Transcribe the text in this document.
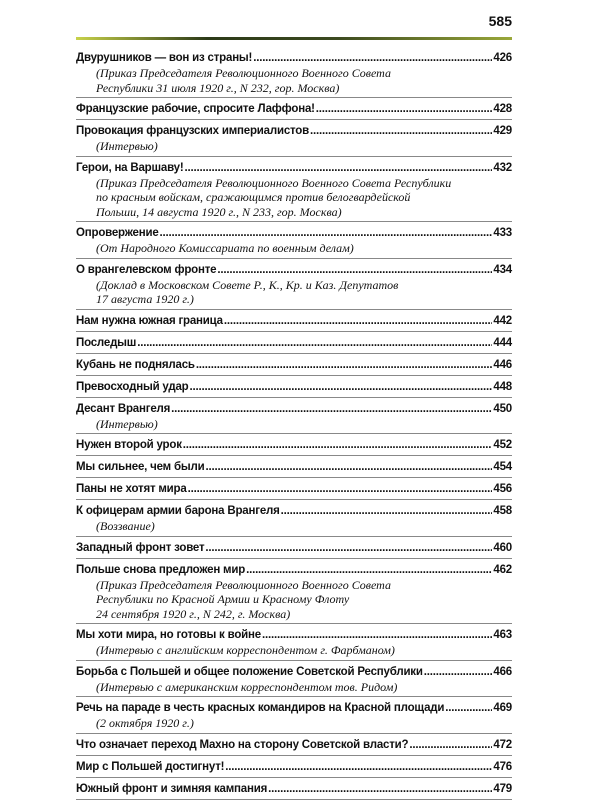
585
Двурушников — вон из страны! .....	426
(Приказ Председателя Революционного Военного Совета
Республики 31 июля 1920 г., N 232, гор. Москва)
Французские рабочие, спросите Лаффона! .....	428
Провокация французских империалистов .....	429
(Интервью)
Герои, на Варшаву! .....	432
(Приказ Председателя Революционного Военного Совета Республики
по красным войскам, сражающимся против белогвардейской
Польши, 14 августа 1920 г., N 233, гор. Москва)
Опровержение .....	433
(От Народного Комиссариата по военным делам)
О врангелевском фронте .....	434
(Доклад в Московском Совете Р., К., Кр. и Каз. Депутатов
17 августа 1920 г.)
Нам нужна южная граница .....	442
Последыш .....	444
Кубань не поднялась .....	446
Превосходный удар .....	448
Десант Врангеля .....	450
(Интервью)
Нужен второй урок .....	452
Мы сильнее, чем были .....	454
Паны не хотят мира .....	456
К офицерам армии барона Врангеля .....	458
(Воззвание)
Западный фронт зовет .....	460
Польше снова предложен мир .....	462
(Приказ Председателя Революционного Военного Совета
Республики по Красной Армии и Красному Флоту
24 сентября 1920 г., N 242, г. Москва)
Мы хоти мира, но готовы к войне .....	463
(Интервью с английским корреспондентом г. Фарбманом)
Борьба с Польшей и общее положение Советской Республики .....	466
(Интервью с американским корреспондентом тов. Ридом)
Речь на параде в честь красных командиров на Красной площади .....	469
(2 октября 1920 г.)
Что означает переход Махно на сторону Советской власти? .....	472
Мир с Польшей достигнут! .....	476
Южный фронт и зимняя кампания .....	479
